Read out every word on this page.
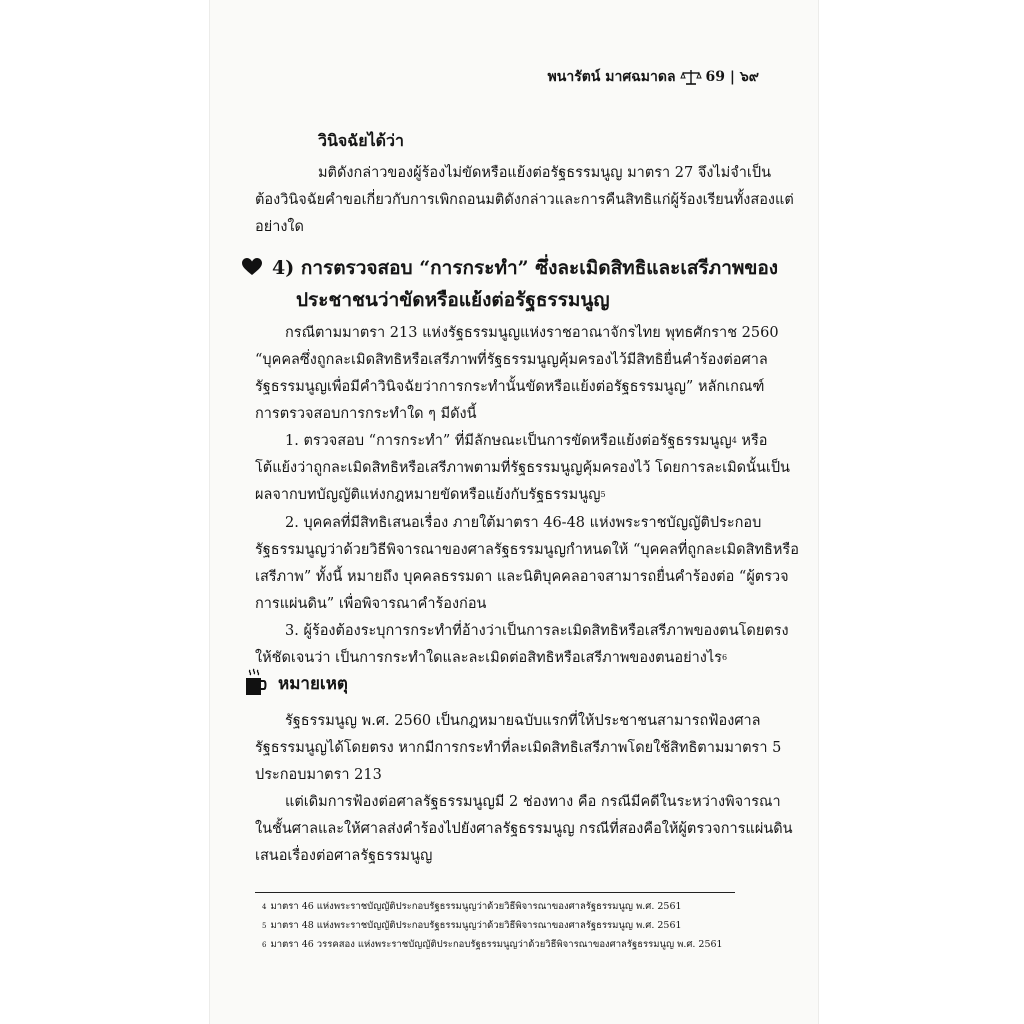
พนารัตน์ มาศฉมาดล 69 | ๖๙
วินิจฉัยได้ว่า
มติดังกล่าวของผู้ร้องไม่ขัดหรือแย้งต่อรัฐธรรมนูญ มาตรา 27 จึงไม่จำเป็น
ต้องวินิจฉัยคำขอเกี่ยวกับการเพิกถอนมติดังกล่าวและการคืนสิทธิแก่ผู้ร้องเรียนทั้งสองแต่
อย่างใด
4) การตรวจสอบ “การกระทำ” ซึ่งละเมิดสิทธิและเสรีภาพของ
ประชาชนว่าขัดหรือแย้งต่อรัฐธรรมนูญ
กรณีตามมาตรา 213 แห่งรัฐธรรมนูญแห่งราชอาณาจักรไทย พุทธศักราช 2560
“บุคคลซึ่งถูกละเมิดสิทธิหรือเสรีภาพที่รัฐธรรมนูญคุ้มครองไว้มีสิทธิยื่นคำร้องต่อศาล
รัฐธรรมนูญเพื่อมีคำวินิจฉัยว่าการกระทำนั้นขัดหรือแย้งต่อรัฐธรรมนูญ” หลักเกณฑ์
การตรวจสอบการกระทำใด ๆ มีดังนี้
1. ตรวจสอบ “การกระทำ” ที่มีลักษณะเป็นการขัดหรือแย้งต่อรัฐธรรมนูญ$^4$ หรือ
โต้แย้งว่าถูกละเมิดสิทธิหรือเสรีภาพตามที่รัฐธรรมนูญคุ้มครองไว้ โดยการละเมิดนั้นเป็น
ผลจากบทบัญญัติแห่งกฎหมายขัดหรือแย้งกับรัฐธรรมนูญ$^5$
2. บุคคลที่มีสิทธิเสนอเรื่อง ภายใต้มาตรา 46-48 แห่งพระราชบัญญัติประกอบ
รัฐธรรมนูญว่าด้วยวิธีพิจารณาของศาลรัฐธรรมนูญกำหนดให้ “บุคคลที่ถูกละเมิดสิทธิหรือ
เสรีภาพ” ทั้งนี้ หมายถึง บุคคลธรรมดา และนิติบุคคลอาจสามารถยื่นคำร้องต่อ “ผู้ตรวจ
การแผ่นดิน” เพื่อพิจารณาคำร้องก่อน
3. ผู้ร้องต้องระบุการกระทำที่อ้างว่าเป็นการละเมิดสิทธิหรือเสรีภาพของตนโดยตรง
ให้ชัดเจนว่า เป็นการกระทำใดและละเมิดต่อสิทธิหรือเสรีภาพของตนอย่างไร$^6$
หมายเหตุ
รัฐธรรมนูญ พ.ศ. 2560 เป็นกฎหมายฉบับแรกที่ให้ประชาชนสามารถฟ้องศาล
รัฐธรรมนูญได้โดยตรง หากมีการกระทำที่ละเมิดสิทธิเสรีภาพโดยใช้สิทธิตามมาตรา 5
ประกอบมาตรา 213
แต่เดิมการฟ้องต่อศาลรัฐธรรมนูญมี 2 ช่องทาง คือ กรณีมีคดีในระหว่างพิจารณา
ในชั้นศาลและให้ศาลส่งคำร้องไปยังศาลรัฐธรรมนูญ กรณีที่สองคือให้ผู้ตรวจการแผ่นดิน
เสนอเรื่องต่อศาลรัฐธรรมนูญ
$^4$ มาตรา 46 แห่งพระราชบัญญัติประกอบรัฐธรรมนูญว่าด้วยวิธีพิจารณาของศาลรัฐธรรมนูญ พ.ศ. 2561
$^5$ มาตรา 48 แห่งพระราชบัญญัติประกอบรัฐธรรมนูญว่าด้วยวิธีพิจารณาของศาลรัฐธรรมนูญ พ.ศ. 2561
$^6$ มาตรา 46 วรรคสอง แห่งพระราชบัญญัติประกอบรัฐธรรมนูญว่าด้วยวิธีพิจารณาของศาลรัฐธรรมนูญ พ.ศ. 2561
